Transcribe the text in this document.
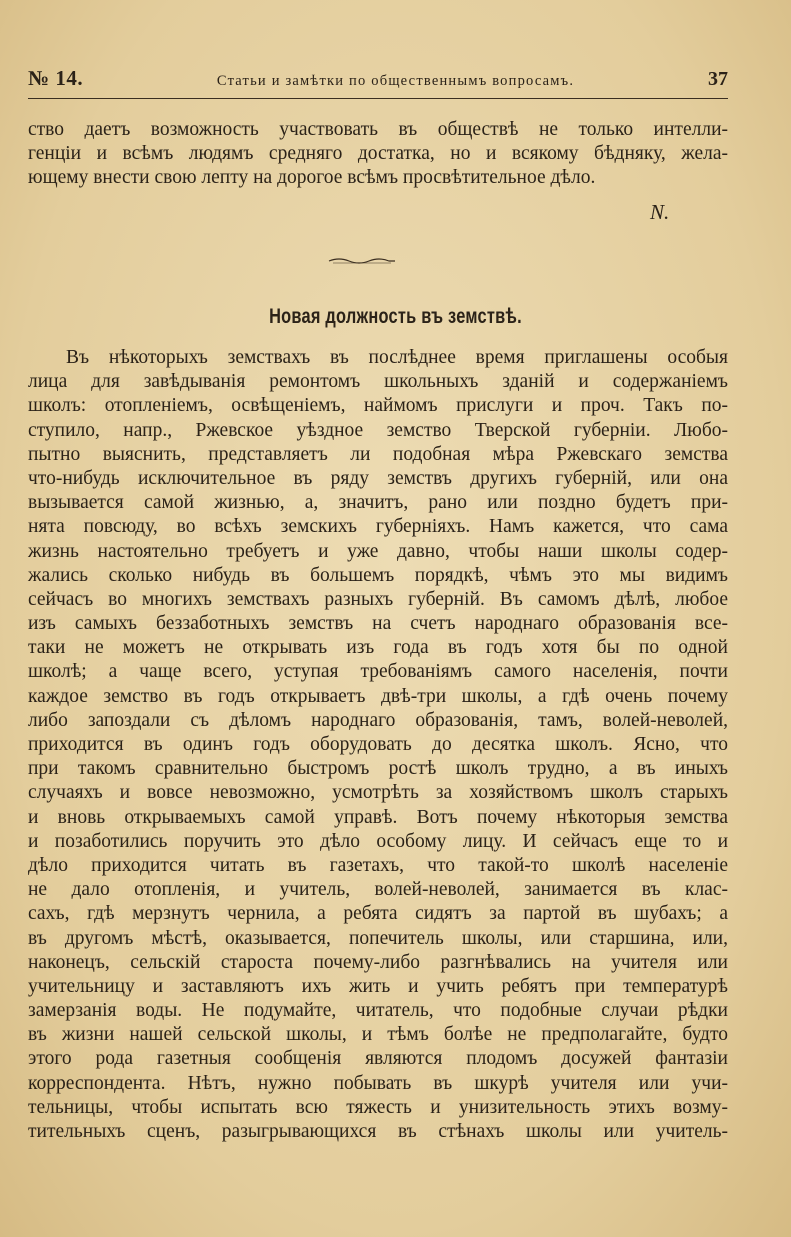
№ 14.	Статьи и замѣтки по общественнымъ вопросамъ.	37
ство даетъ возможность участвовать въ обществѣ не только интелли-
генціи и всѣмъ людямъ средняго достатка, но и всякому бѣдняку, жела-
ющему внести свою лепту на дорогое всѣмъ просвѣтительное дѣло.
N.
Новая должность въ земствѣ.
Въ нѣкоторыхъ земствахъ въ послѣднее время приглашены особыя
лица для завѣдыванія ремонтомъ школьныхъ зданій и содержаніемъ
школъ: отопленіемъ, освѣщеніемъ, наймомъ прислуги и проч. Такъ по-
ступило, напр., Ржевское уѣздное земство Тверской губерніи. Любо-
пытно выяснить, представляетъ ли подобная мѣра Ржевскаго земства
что-нибудь исключительное въ ряду земствъ другихъ губерній, или она
вызывается самой жизнью, а, значитъ, рано или поздно будетъ при-
нята повсюду, во всѣхъ земскихъ губерніяхъ. Намъ кажется, что сама
жизнь настоятельно требуетъ и уже давно, чтобы наши школы содер-
жались сколько нибудь въ большемъ порядкѣ, чѣмъ это мы видимъ
сейчасъ во многихъ земствахъ разныхъ губерній. Въ самомъ дѣлѣ, любое
изъ самыхъ беззаботныхъ земствъ на счетъ народнаго образованія все-
таки не можетъ не открывать изъ года въ годъ хотя бы по одной
школѣ; а чаще всего, уступая требованіямъ самого населенія, почти
каждое земство въ годъ открываетъ двѣ-три школы, а гдѣ очень почему
либо запоздали съ дѣломъ народнаго образованія, тамъ, волей-неволей,
приходится въ одинъ годъ оборудовать до десятка школъ. Ясно, что
при такомъ сравнительно быстромъ ростѣ школъ трудно, а въ иныхъ
случаяхъ и вовсе невозможно, усмотрѣть за хозяйствомъ школъ старыхъ
и вновь открываемыхъ самой управѣ. Вотъ почему нѣкоторыя земства
и позаботились поручить это дѣло особому лицу. И сейчасъ еще то и
дѣло приходится читать въ газетахъ, что такой-то школѣ населеніе
не дало отопленія, и учитель, волей-неволей, занимается въ клас-
сахъ, гдѣ мерзнутъ чернила, а ребята сидятъ за партой въ шубахъ; а
въ другомъ мѣстѣ, оказывается, попечитель школы, или старшина, или,
наконецъ, сельскій староста почему-либо разгнѣвались на учителя или
учительницу и заставляютъ ихъ жить и учить ребятъ при температурѣ
замерзанія воды. Не подумайте, читатель, что подобные случаи рѣдки
въ жизни нашей сельской школы, и тѣмъ болѣе не предполагайте, будто
этого рода газетныя сообщенія являются плодомъ досужей фантазіи
корреспондента. Нѣтъ, нужно побывать въ шкурѣ учителя или учи-
тельницы, чтобы испытать всю тяжесть и унизительность этихъ возму-
тительныхъ сценъ, разыгрывающихся въ стѣнахъ школы или учитель-
